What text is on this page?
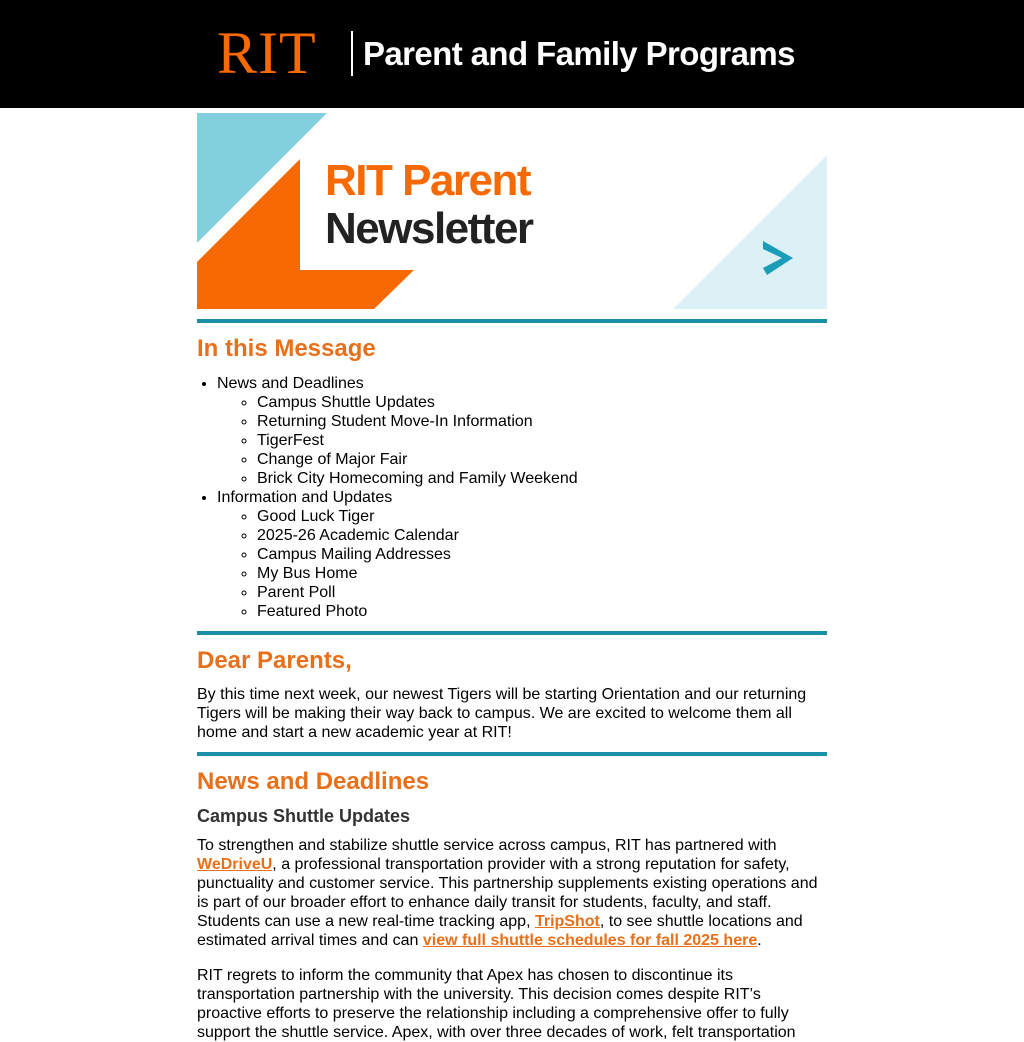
RIT Parent and Family Programs
RIT Parent
Newsletter
In this Message
• News and Deadlines
◦ Campus Shuttle Updates
◦ Returning Student Move-In Information
◦ TigerFest
◦ Change of Major Fair
◦ Brick City Homecoming and Family Weekend
• Information and Updates
◦ Good Luck Tiger
◦ 2025-26 Academic Calendar
◦ Campus Mailing Addresses
◦ My Bus Home
◦ Parent Poll
◦ Featured Photo
Dear Parents,

By this time next week, our newest Tigers will be starting Orientation and our returning Tigers will be making their way back to campus. We are excited to welcome them all home and start a new academic year at RIT!

News and Deadlines
Campus Shuttle Updates

To strengthen and stabilize shuttle service across campus, RIT has partnered with WeDriveU, a professional transportation provider with a strong reputation for safety, punctuality and customer service. This partnership supplements existing operations and is part of our broader effort to enhance daily transit for students, faculty, and staff. Students can use a new real-time tracking app, TripShot, to see shuttle locations and estimated arrival times and can view full shuttle schedules for fall 2025 here.

RIT regrets to inform the community that Apex has chosen to discontinue its transportation partnership with the university. This decision comes despite RIT’s proactive efforts to preserve the relationship including a comprehensive offer to fully support the shuttle service. Apex, with over three decades of work, felt transportation
